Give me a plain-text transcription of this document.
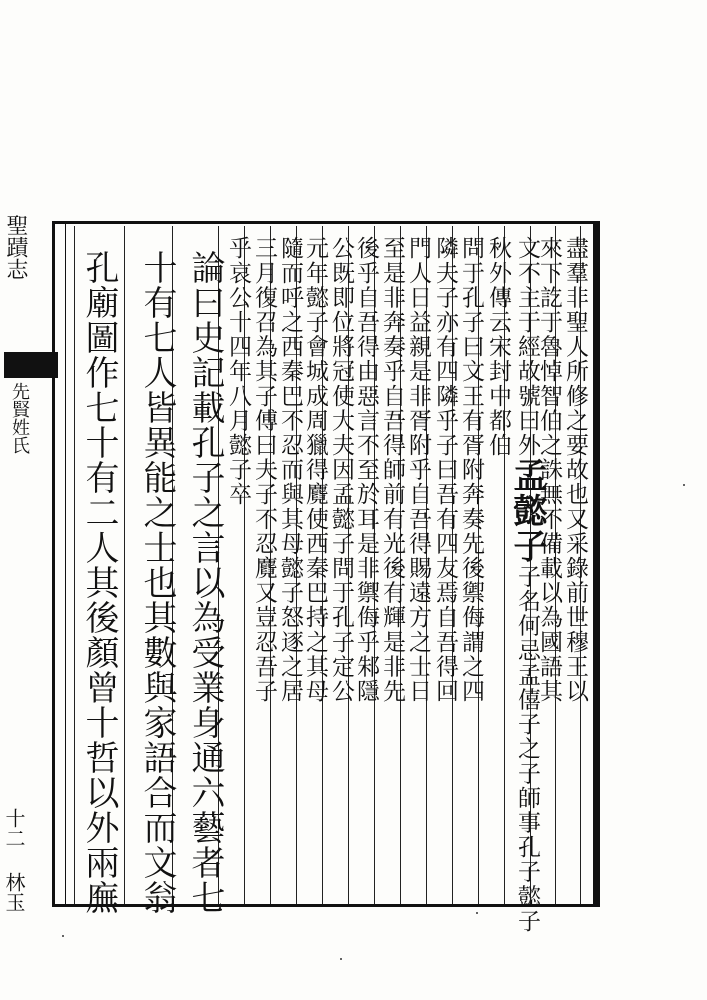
聖蹟志
先賢姓氏
十二
林玉
盡羣非聖人所修之要故也又采錄前世穆王以
來下訖于魯悼智伯之誅無不備載以為國語其
秋外傳云宋封中都伯
問于孔子曰文王有胥附奔奏先後禦侮謂之四
隣夫子亦有四隣乎子曰吾有四友焉自吾得回
門人日益親是非胥附乎自吾得賜遠方之士日
至是非奔奏乎自吾得師前有光後有輝是非先
後乎自吾得由惡言不至於耳是非禦侮乎邾隱
公既即位將冠使大夫因孟懿子問于孔子定公
元年懿子會城成周獵得麑使西秦巴持之其母
隨而呼之西秦巴不忍而與其母懿子怒逐之居
三月復召為其子傅曰夫子不忍麑又豈忍吾子
乎哀公十四年八月懿子卒
論曰史記載孔子之言以為受業身通六藝者七
十有七人皆異能之士也其數與家語合而文翁
孔廟圖作七十有二人其後顏曾十哲以外兩廡	文不主于經故號曰外孟懿子子名何忌孟僖子之子師事孔子懿子
